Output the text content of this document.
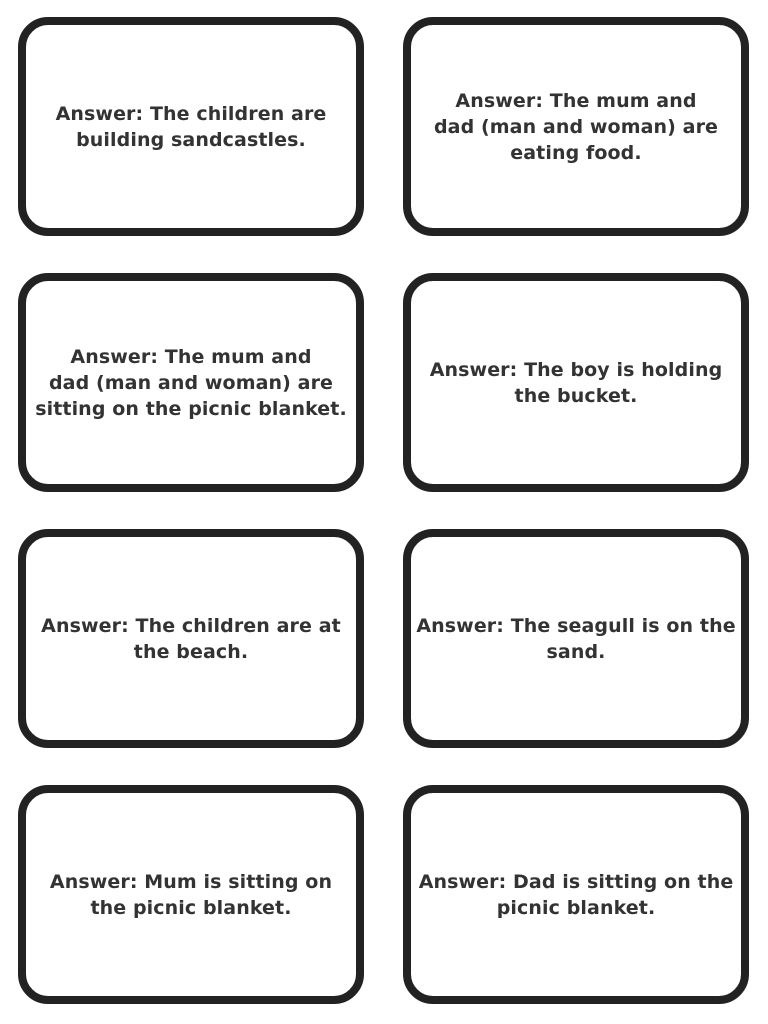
Answer: The children are
building sandcastles.
Answer: The mum and
dad (man and woman) are
eating food.
Answer: The mum and
dad (man and woman) are
sitting on the picnic blanket.
Answer: The boy is holding
the bucket.
Answer: The children are at
the beach.
Answer: The seagull is on the
sand.
Answer: Mum is sitting on
the picnic blanket.
Answer: Dad is sitting on the
picnic blanket.
